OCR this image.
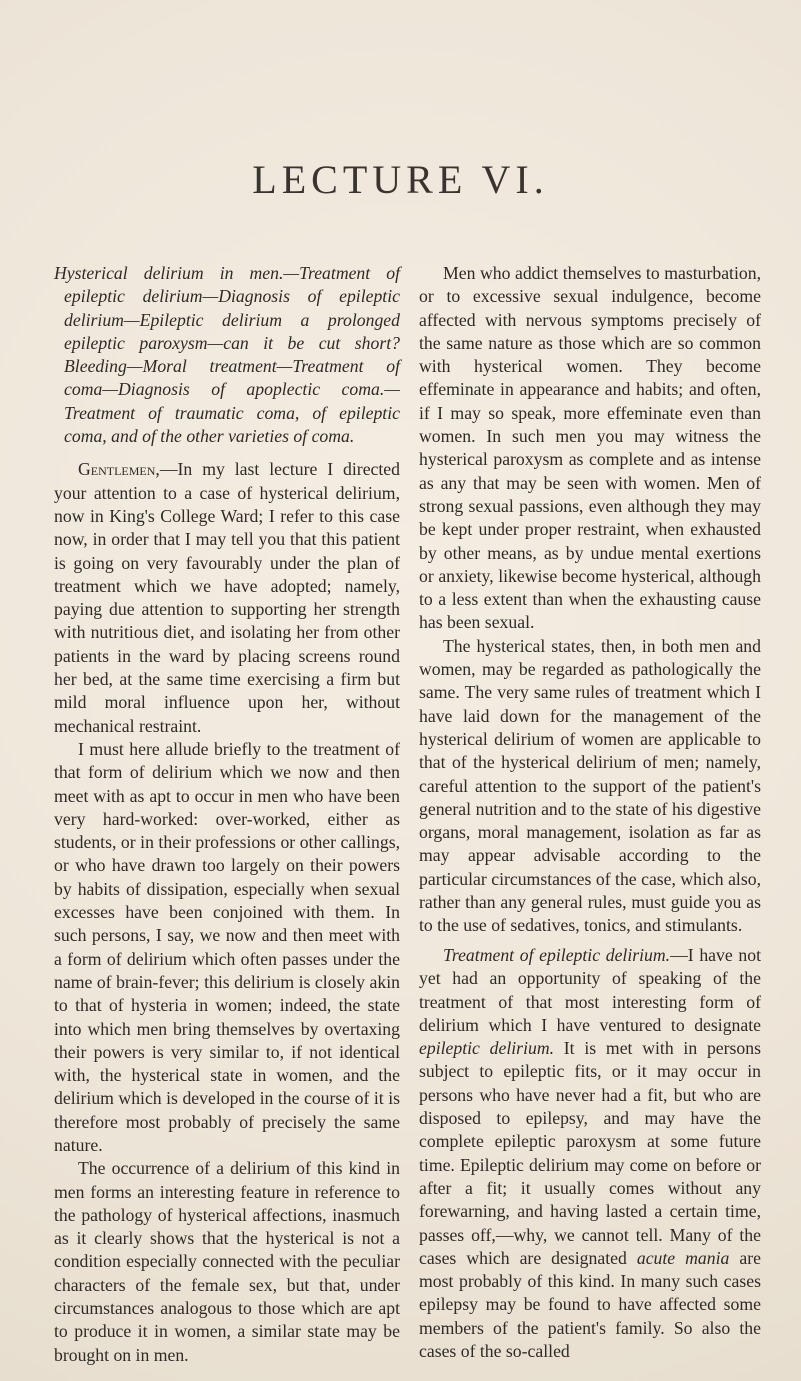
LECTURE VI.

Hysterical delirium in men.—Treatment of epileptic delirium—Diagnosis of epileptic delirium—Epileptic delirium a prolonged epileptic paroxysm—can it be cut short? Bleeding—Moral treatment—Treatment of coma—Diagnosis of apoplectic coma.—Treatment of traumatic coma, of epileptic coma, and of the other varieties of coma.

Gentlemen,—In my last lecture I directed your attention to a case of hysterical delirium, now in King's College Ward; I refer to this case now, in order that I may tell you that this patient is going on very favourably under the plan of treatment which we have adopted; namely, paying due attention to supporting her strength with nutritious diet, and isolating her from other patients in the ward by placing screens round her bed, at the same time exercising a firm but mild moral influence upon her, without mechanical restraint.

I must here allude briefly to the treatment of that form of delirium which we now and then meet with as apt to occur in men who have been very hard-worked: over-worked, either as students, or in their professions or other callings, or who have drawn too largely on their powers by habits of dissipation, especially when sexual excesses have been conjoined with them. In such persons, I say, we now and then meet with a form of delirium which often passes under the name of brain-fever; this delirium is closely akin to that of hysteria in women; indeed, the state into which men bring themselves by overtaxing their powers is very similar to, if not identical with, the hysterical state in women, and the delirium which is developed in the course of it is therefore most probably of precisely the same nature.

The occurrence of a delirium of this kind in men forms an interesting feature in reference to the pathology of hysterical affections, inasmuch as it clearly shows that the hysterical is not a condition especially connected with the peculiar characters of the female sex, but that, under circumstances analogous to those which are apt to produce it in women, a similar state may be brought on in men.

Men who addict themselves to masturbation, or to excessive sexual indulgence, become affected with nervous symptoms precisely of the same nature as those which are so common with hysterical women. They become effeminate in appearance and habits; and often, if I may so speak, more effeminate even than women. In such men you may witness the hysterical paroxysm as complete and as intense as any that may be seen with women. Men of strong sexual passions, even although they may be kept under proper restraint, when exhausted by other means, as by undue mental exertions or anxiety, likewise become hysterical, although to a less extent than when the exhausting cause has been sexual.

The hysterical states, then, in both men and women, may be regarded as pathologically the same. The very same rules of treatment which I have laid down for the management of the hysterical delirium of women are applicable to that of the hysterical delirium of men; namely, careful attention to the support of the patient's general nutrition and to the state of his digestive organs, moral management, isolation as far as may appear advisable according to the particular circumstances of the case, which also, rather than any general rules, must guide you as to the use of sedatives, tonics, and stimulants.

Treatment of epileptic delirium.—I have not yet had an opportunity of speaking of the treatment of that most interesting form of delirium which I have ventured to designate epileptic delirium. It is met with in persons subject to epileptic fits, or it may occur in persons who have never had a fit, but who are disposed to epilepsy, and may have the complete epileptic paroxysm at some future time. Epileptic delirium may come on before or after a fit; it usually comes without any forewarning, and having lasted a certain time, passes off,—why, we cannot tell. Many of the cases which are designated acute mania are most probably of this kind. In many such cases epilepsy may be found to have affected some members of the patient's family. So also the cases of the so-called
